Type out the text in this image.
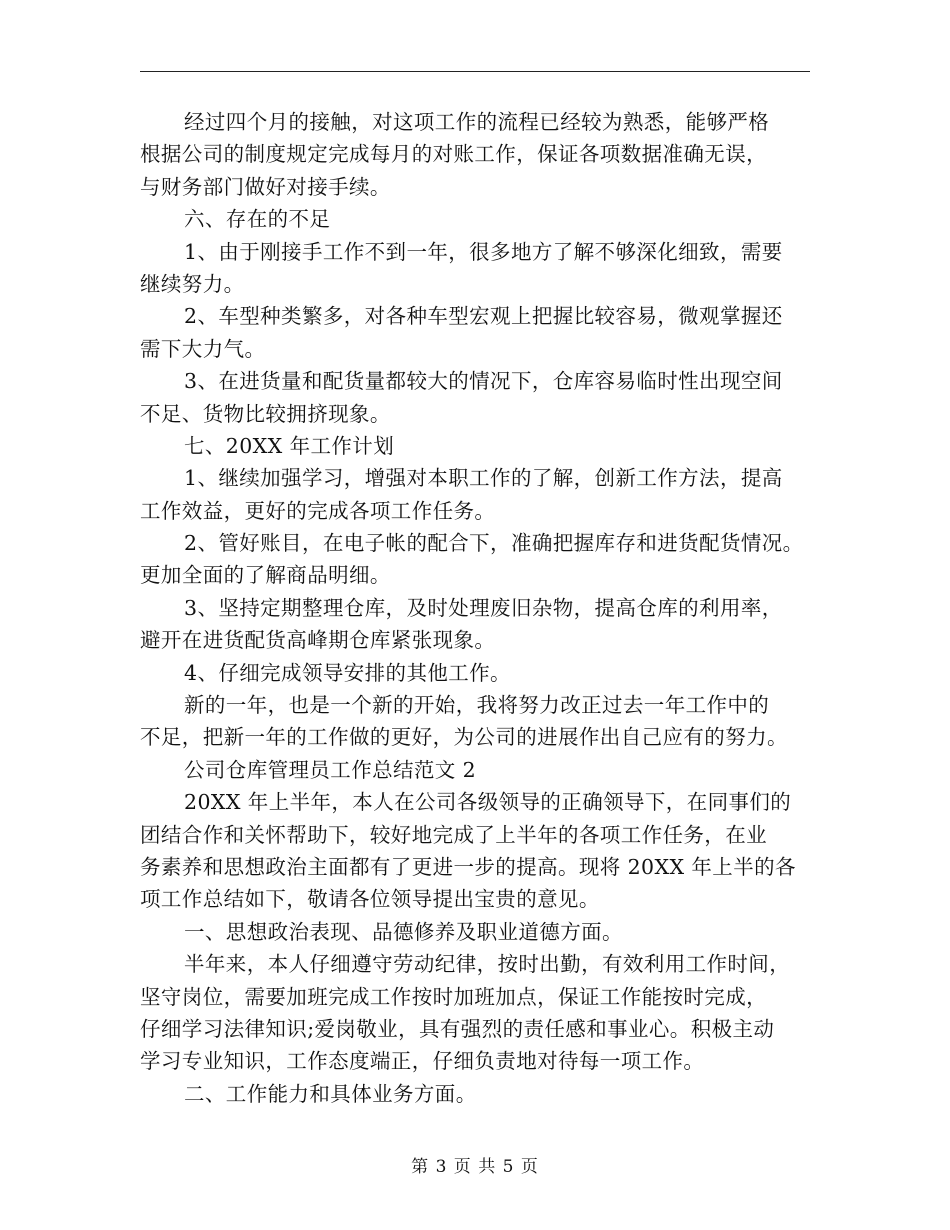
经过四个月的接触，对这项工作的流程已经较为熟悉，能够严格
根据公司的制度规定完成每月的对账工作，保证各项数据准确无误，
与财务部门做好对接手续。
六、存在的不足
1、由于刚接手工作不到一年，很多地方了解不够深化细致，需要
继续努力。
2、车型种类繁多，对各种车型宏观上把握比较容易，微观掌握还
需下大力气。
3、在进货量和配货量都较大的情况下，仓库容易临时性出现空间
不足、货物比较拥挤现象。
七、20XX 年工作计划
1、继续加强学习，增强对本职工作的了解，创新工作方法，提高
工作效益，更好的完成各项工作任务。
2、管好账目，在电子帐的配合下，准确把握库存和进货配货情况。
更加全面的了解商品明细。
3、坚持定期整理仓库，及时处理废旧杂物，提高仓库的利用率，
避开在进货配货高峰期仓库紧张现象。
4、仔细完成领导安排的其他工作。
新的一年，也是一个新的开始，我将努力改正过去一年工作中的
不足，把新一年的工作做的更好，为公司的进展作出自己应有的努力。
公司仓库管理员工作总结范文 2
20XX 年上半年，本人在公司各级领导的正确领导下，在同事们的
团结合作和关怀帮助下，较好地完成了上半年的各项工作任务，在业
务素养和思想政治主面都有了更进一步的提高。现将 20XX 年上半的各
项工作总结如下，敬请各位领导提出宝贵的意见。
一、思想政治表现、品德修养及职业道德方面。
半年来，本人仔细遵守劳动纪律，按时出勤，有效利用工作时间，
坚守岗位，需要加班完成工作按时加班加点，保证工作能按时完成，
仔细学习法律知识;爱岗敬业，具有强烈的责任感和事业心。积极主动
学习专业知识，工作态度端正，仔细负责地对待每一项工作。
二、工作能力和具体业务方面。
第 3 页 共 5 页
